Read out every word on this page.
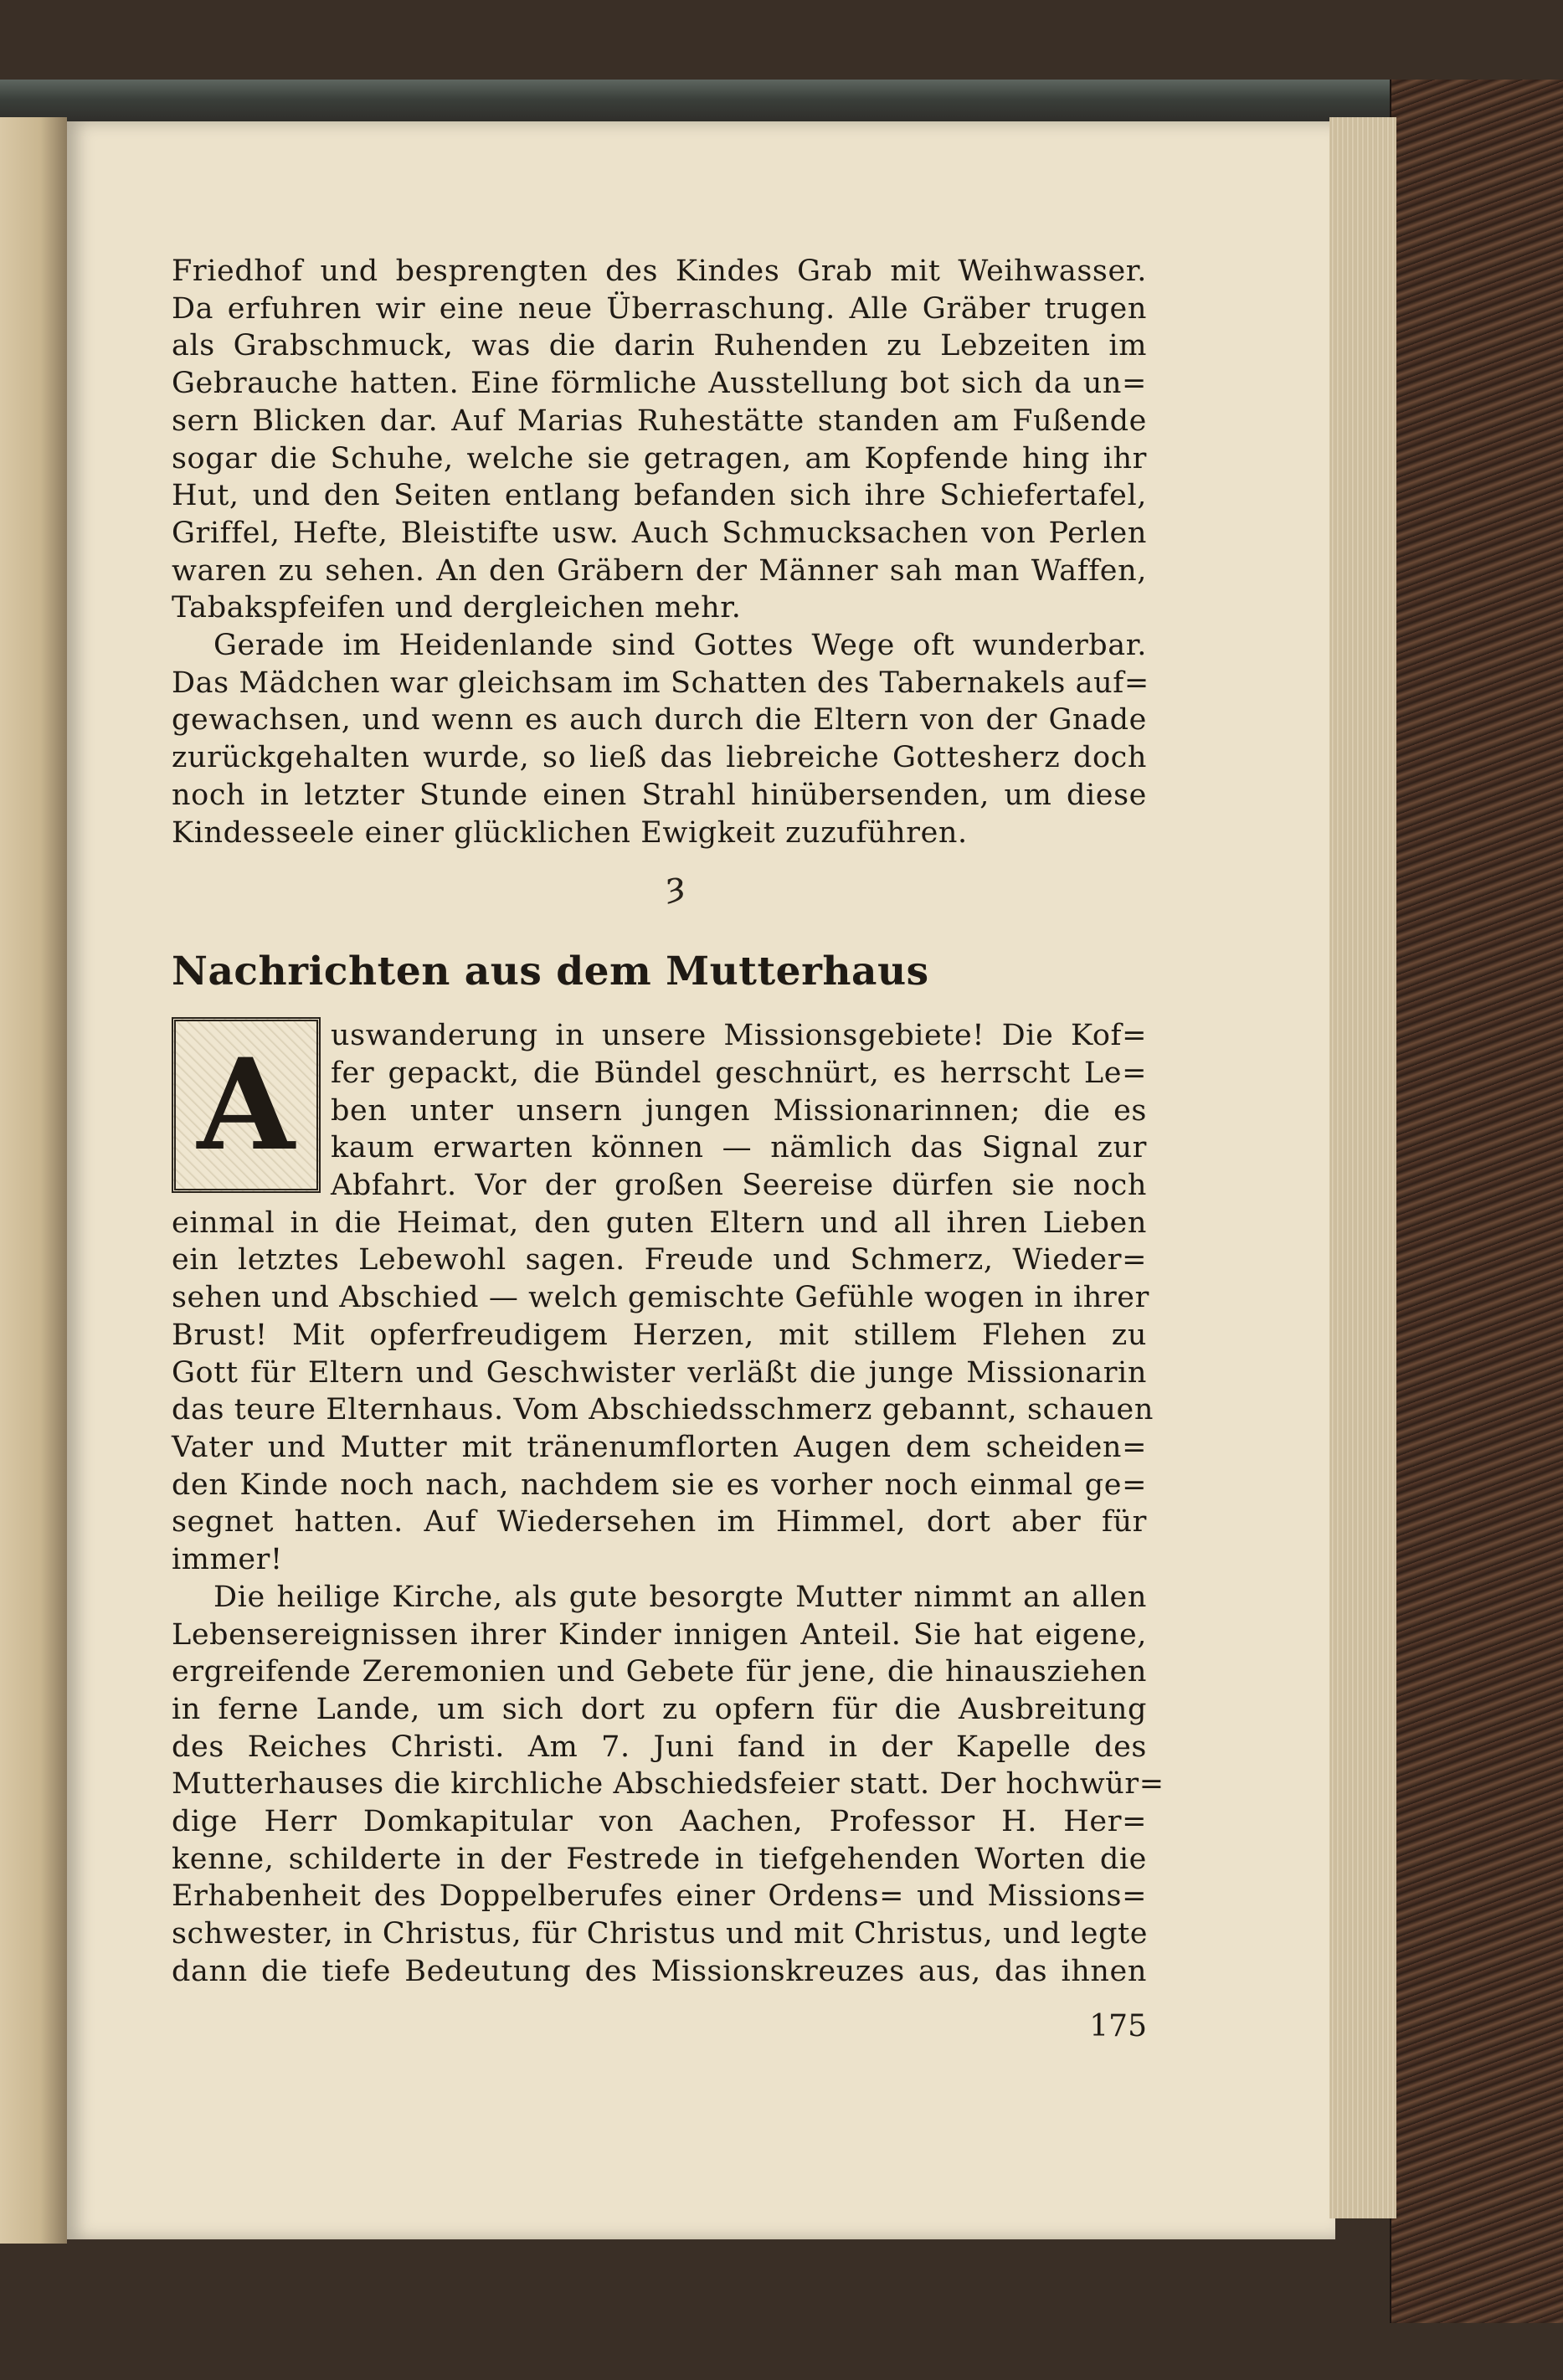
Friedhof und besprengten des Kindes Grab mit Weihwasser.
Da erfuhren wir eine neue Überraschung. Alle Gräber trugen
als Grabschmuck, was die darin Ruhenden zu Lebzeiten im
Gebrauche hatten. Eine förmliche Ausstellung bot sich da un=
sern Blicken dar. Auf Marias Ruhestätte standen am Fußende
sogar die Schuhe, welche sie getragen, am Kopfende hing ihr
Hut, und den Seiten entlang befanden sich ihre Schiefertafel,
Griffel, Hefte, Bleistifte usw. Auch Schmucksachen von Perlen
waren zu sehen. An den Gräbern der Männer sah man Waffen,
Tabakspfeifen und dergleichen mehr.
Gerade im Heidenlande sind Gottes Wege oft wunderbar.
Das Mädchen war gleichsam im Schatten des Tabernakels auf=
gewachsen, und wenn es auch durch die Eltern von der Gnade
zurückgehalten wurde, so ließ das liebreiche Gottesherz doch
noch in letzter Stunde einen Strahl hinübersenden, um diese
Kindesseele einer glücklichen Ewigkeit zuzuführen.
ȝ
Nachrichten aus dem Mutterhaus
A	uswanderung in unsere Missionsgebiete! Die Kof=
fer gepackt, die Bündel geschnürt, es herrscht Le=
ben unter unsern jungen Missionarinnen; die es
kaum erwarten können — nämlich das Signal zur
Abfahrt. Vor der großen Seereise dürfen sie noch
einmal in die Heimat, den guten Eltern und all ihren Lieben
ein letztes Lebewohl sagen. Freude und Schmerz, Wieder=
sehen und Abschied — welch gemischte Gefühle wogen in ihrer
Brust! Mit opferfreudigem Herzen, mit stillem Flehen zu
Gott für Eltern und Geschwister verläßt die junge Missionarin
das teure Elternhaus. Vom Abschiedsschmerz gebannt, schauen
Vater und Mutter mit tränenumflorten Augen dem scheiden=
den Kinde noch nach, nachdem sie es vorher noch einmal ge=
segnet hatten. Auf Wiedersehen im Himmel, dort aber für
immer!
Die heilige Kirche, als gute besorgte Mutter nimmt an allen
Lebensereignissen ihrer Kinder innigen Anteil. Sie hat eigene,
ergreifende Zeremonien und Gebete für jene, die hinausziehen
in ferne Lande, um sich dort zu opfern für die Ausbreitung
des Reiches Christi. Am 7. Juni fand in der Kapelle des
Mutterhauses die kirchliche Abschiedsfeier statt. Der hochwür=
dige Herr Domkapitular von Aachen, Professor H. Her=
kenne, schilderte in der Festrede in tiefgehenden Worten die
Erhabenheit des Doppelberufes einer Ordens= und Missions=
schwester, in Christus, für Christus und mit Christus, und legte
dann die tiefe Bedeutung des Missionskreuzes aus, das ihnen
175
